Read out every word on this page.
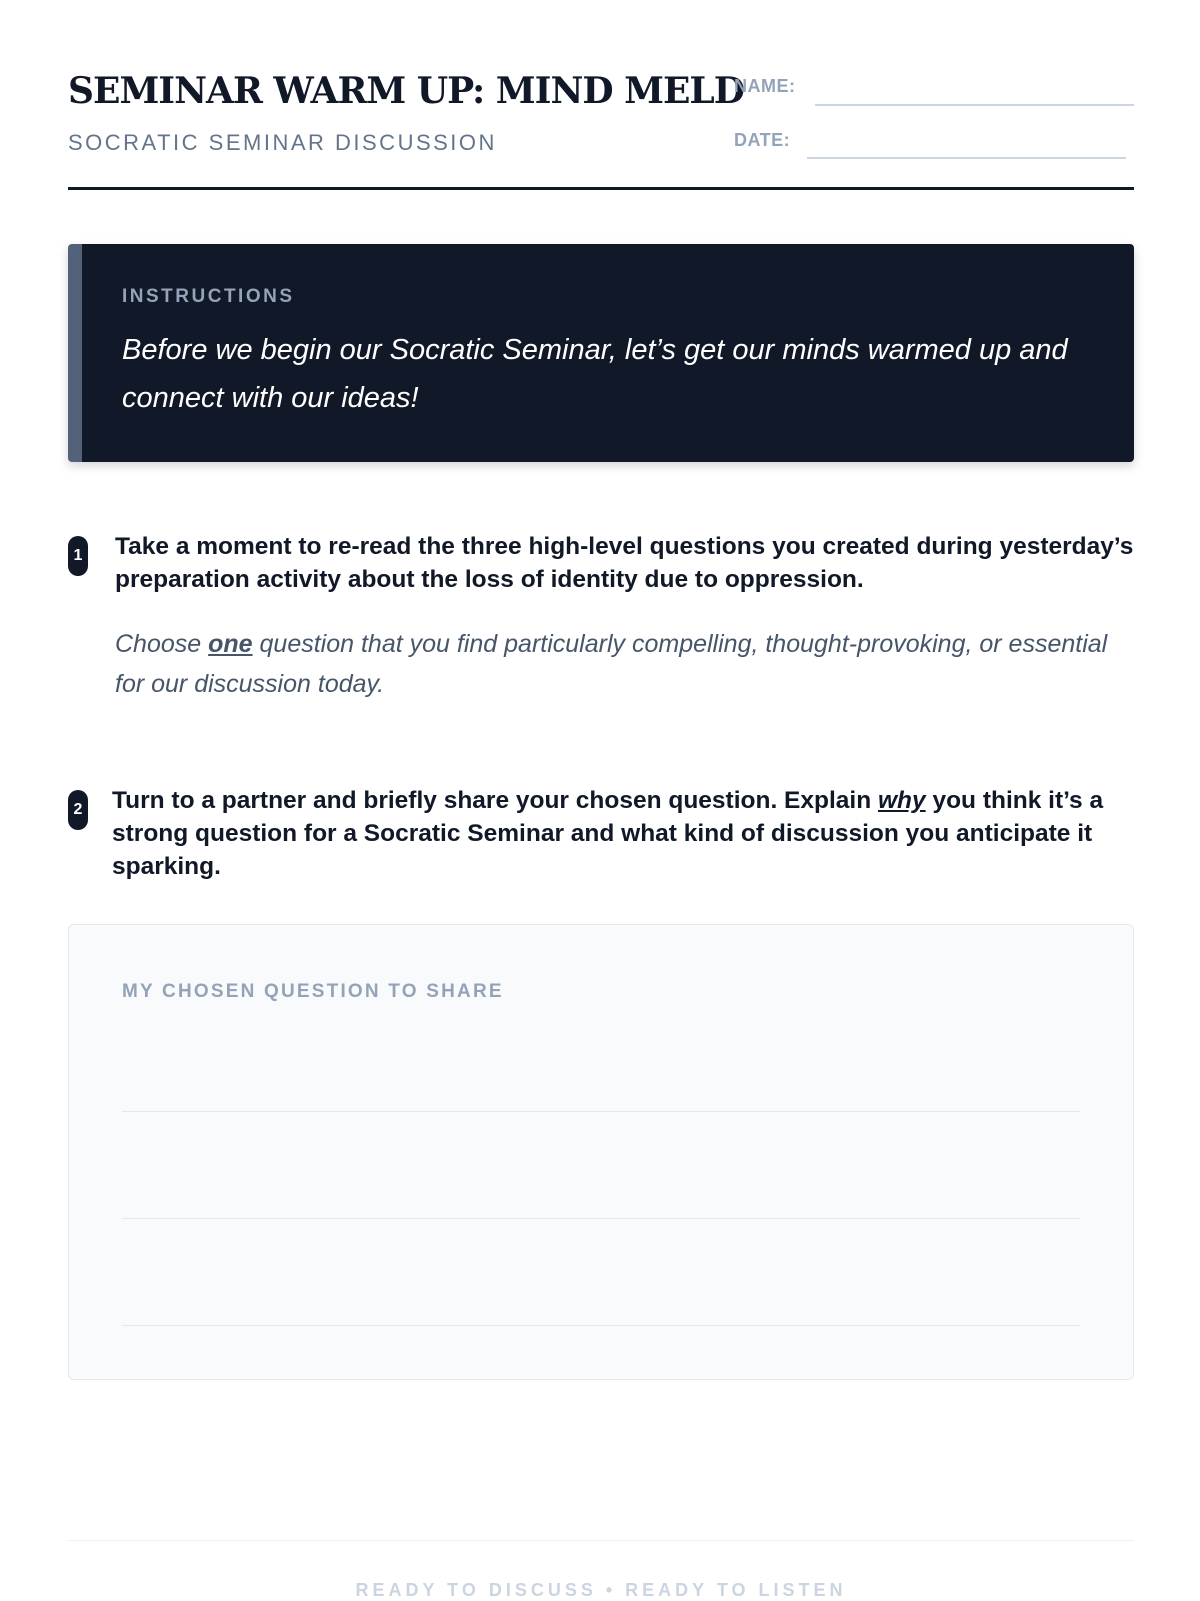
SEMINAR WARM UP: MIND MELD
SOCRATIC SEMINAR DISCUSSION
NAME:
DATE:
INSTRUCTIONS
Before we begin our Socratic Seminar, let’s get our minds warmed up and connect with our ideas!
1 Take a moment to re-read the three high-level questions you created during yesterday’s preparation activity about the loss of identity due to oppression.
Choose one question that you find particularly compelling, thought-provoking, or essential for our discussion today.
2 Turn to a partner and briefly share your chosen question. Explain why you think it’s a strong question for a Socratic Seminar and what kind of discussion you anticipate it sparking.
MY CHOSEN QUESTION TO SHARE
READY TO DISCUSS • READY TO LISTEN
